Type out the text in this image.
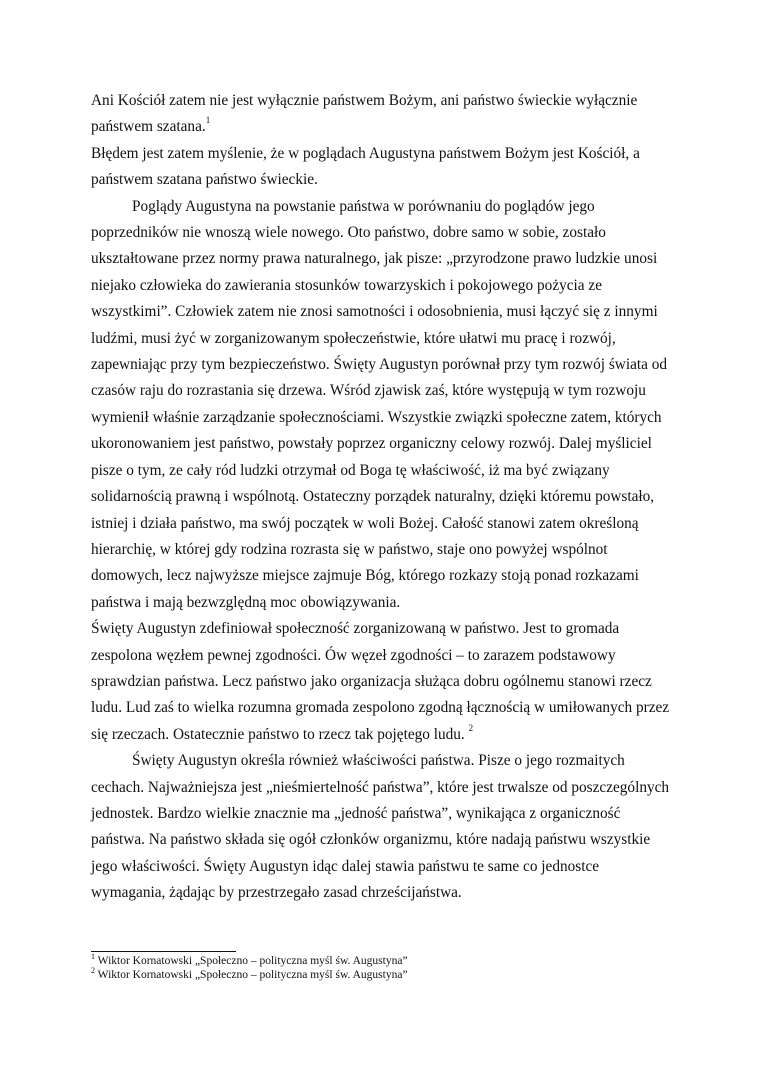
Ani Kościół zatem nie jest wyłącznie państwem Bożym, ani państwo świeckie wyłącznie

państwem szatana.$^1$

Błędem jest zatem myślenie, że w poglądach Augustyna państwem Bożym jest Kościół, a

państwem szatana państwo świeckie.

Poglądy Augustyna na powstanie państwa w porównaniu do poglądów jego

poprzedników nie wnoszą wiele nowego. Oto państwo, dobre samo w sobie, zostało

ukształtowane przez normy prawa naturalnego, jak pisze: „przyrodzone prawo ludzkie unosi

niejako człowieka do zawierania stosunków towarzyskich i pokojowego pożycia ze

wszystkimi”. Człowiek zatem nie znosi samotności i odosobnienia, musi łączyć się z innymi

ludźmi, musi żyć w zorganizowanym społeczeństwie, które ułatwi mu pracę i rozwój,

zapewniając przy tym bezpieczeństwo. Święty Augustyn porównał przy tym rozwój świata od

czasów raju do rozrastania się drzewa. Wśród zjawisk zaś, które występują w tym rozwoju

wymienił właśnie zarządzanie społecznościami. Wszystkie związki społeczne zatem, których

ukoronowaniem jest państwo, powstały poprzez organiczny celowy rozwój. Dalej myśliciel

pisze o tym, ze cały ród ludzki otrzymał od Boga tę właściwość, iż ma być związany

solidarnością prawną i wspólnotą. Ostateczny porządek naturalny, dzięki któremu powstało,

istniej i działa państwo, ma swój początek w woli Bożej. Całość stanowi zatem określoną

hierarchię, w której gdy rodzina rozrasta się w państwo, staje ono powyżej wspólnot

domowych, lecz najwyższe miejsce zajmuje Bóg, którego rozkazy stoją ponad rozkazami

państwa i mają bezwzględną moc obowiązywania.

Święty Augustyn zdefiniował społeczność zorganizowaną w państwo. Jest to gromada

zespolona węzłem pewnej zgodności. Ów węzeł zgodności – to zarazem podstawowy

sprawdzian państwa. Lecz państwo jako organizacja służąca dobru ogólnemu stanowi rzecz

ludu. Lud zaś to wielka rozumna gromada zespolono zgodną łącznością w umiłowanych przez

się rzeczach. Ostatecznie państwo to rzecz tak pojętego ludu. $^2$

Święty Augustyn określa również właściwości państwa. Pisze o jego rozmaitych

cechach. Najważniejsza jest „nieśmiertelność państwa”, które jest trwalsze od poszczególnych

jednostek. Bardzo wielkie znacznie ma „jedność państwa”, wynikająca z organiczność

państwa. Na państwo składa się ogół członków organizmu, które nadają państwu wszystkie

jego właściwości. Święty Augustyn idąc dalej stawia państwu te same co jednostce

wymagania, żądając by przestrzegało zasad chrześcijaństwa.

$^1$ Wiktor Kornatowski „Społeczno – polityczna myśl św. Augustyna”
$^2$ Wiktor Kornatowski „Społeczno – polityczna myśl św. Augustyna”
